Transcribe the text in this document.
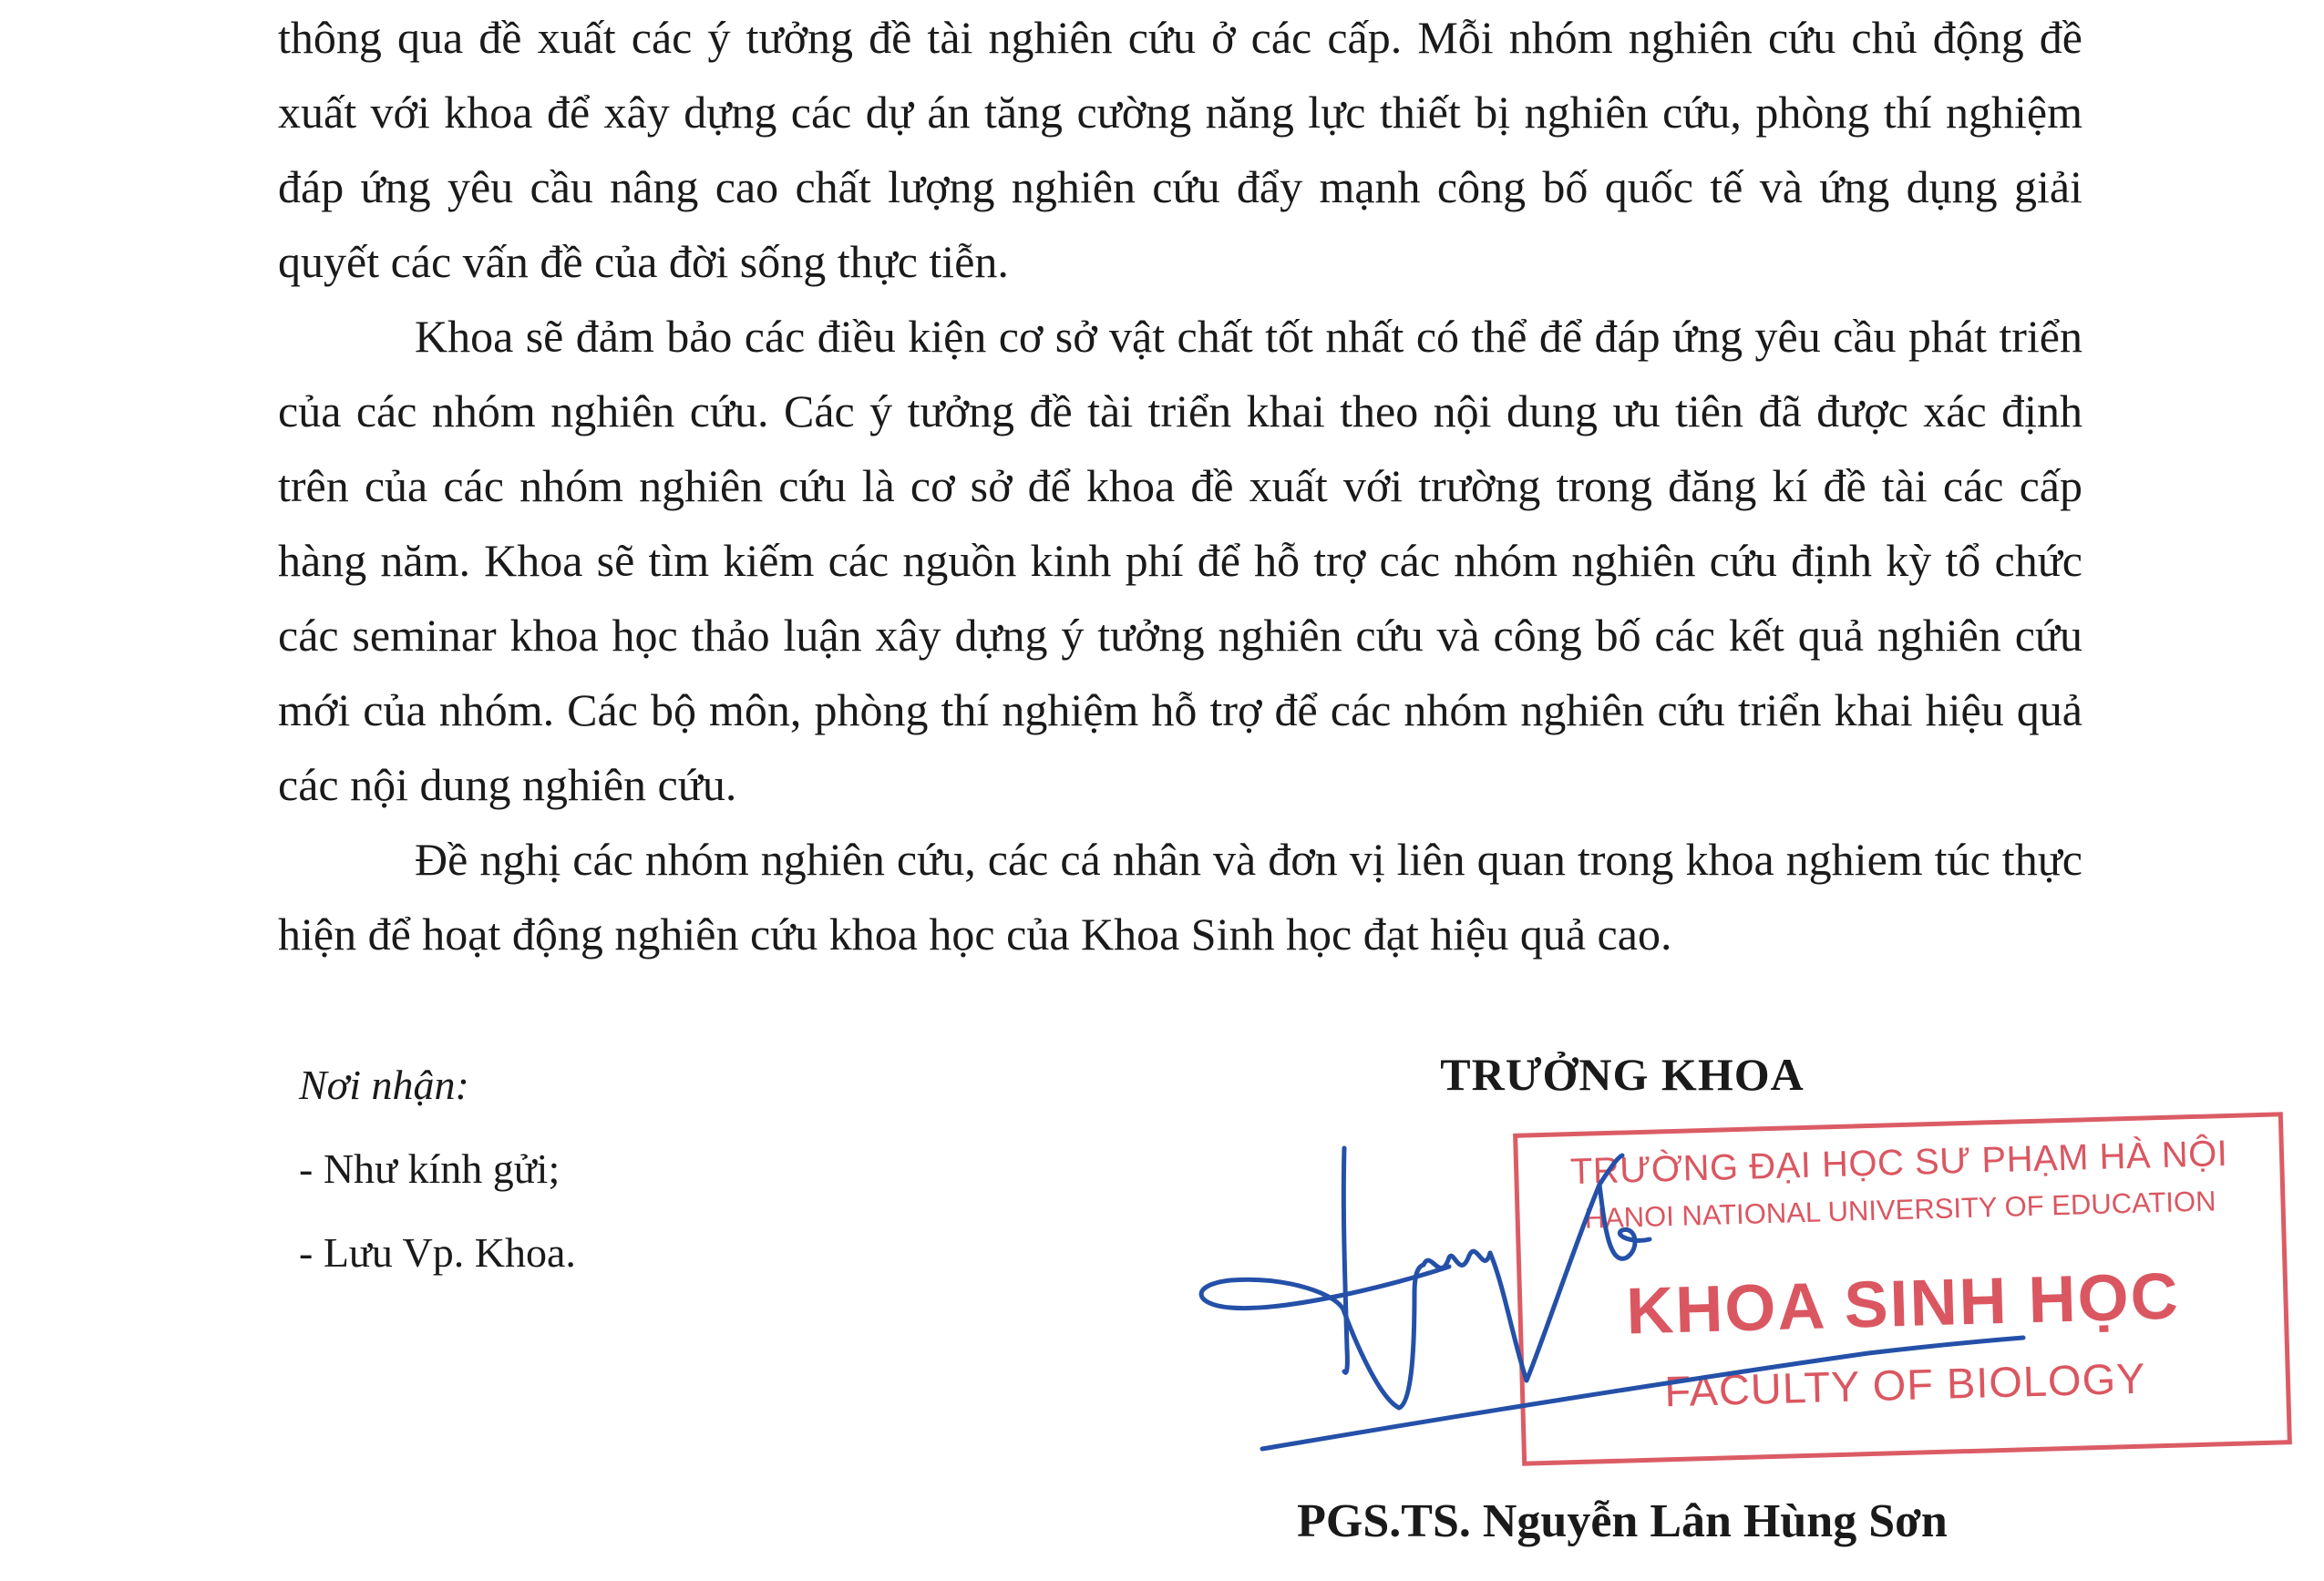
thông qua đề xuất các ý tưởng đề tài nghiên cứu ở các cấp. Mỗi nhóm nghiên cứu chủ động đề xuất với khoa để xây dựng các dự án tăng cường năng lực thiết bị nghiên cứu, phòng thí nghiệm đáp ứng yêu cầu nâng cao chất lượng nghiên cứu đẩy mạnh công bố quốc tế và ứng dụng giải quyết các vấn đề của đời sống thực tiễn.

Khoa sẽ đảm bảo các điều kiện cơ sở vật chất tốt nhất có thể để đáp ứng yêu cầu phát triển của các nhóm nghiên cứu. Các ý tưởng đề tài triển khai theo nội dung ưu tiên đã được xác định trên của các nhóm nghiên cứu là cơ sở để khoa đề xuất với trường trong đăng kí đề tài các cấp hàng năm. Khoa sẽ tìm kiếm các nguồn kinh phí để hỗ trợ các nhóm nghiên cứu định kỳ tổ chức các seminar khoa học thảo luận xây dựng ý tưởng nghiên cứu và công bố các kết quả nghiên cứu mới của nhóm. Các bộ môn, phòng thí nghiệm hỗ trợ để các nhóm nghiên cứu triển khai hiệu quả các nội dung nghiên cứu.

Đề nghị các nhóm nghiên cứu, các cá nhân và đơn vị liên quan trong khoa nghiem túc thực hiện để hoạt động nghiên cứu khoa học của Khoa Sinh học đạt hiệu quả cao.

Nơi nhận:
- Như kính gửi;
- Lưu Vp. Khoa.
TRƯỞNG KHOA
TRƯỜNG ĐẠI HỌC SƯ PHẠM HÀ NỘI
HANOI NATIONAL UNIVERSITY OF EDUCATION
KHOA SINH HỌC
FACULTY OF BIOLOGY
PGS.TS. Nguyễn Lân Hùng Sơn
